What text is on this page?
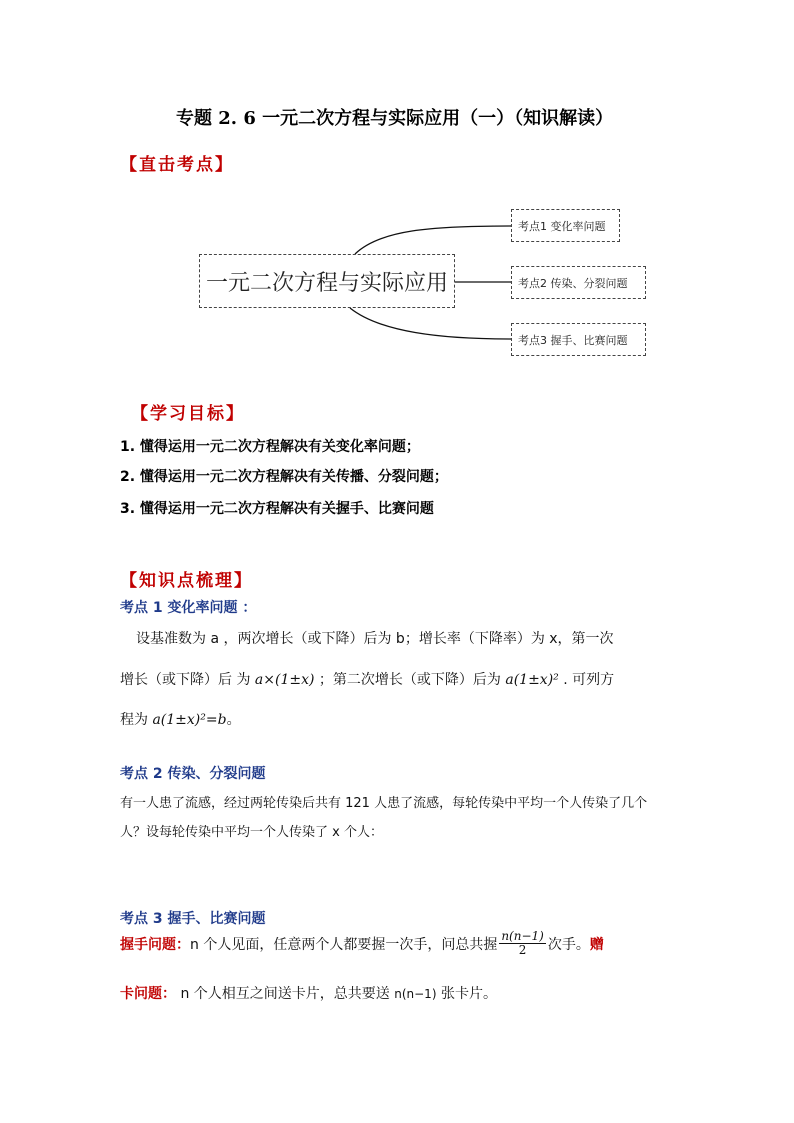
专题 2. 6 一元二次方程与实际应用（一）（知识解读）
【直击考点】
一元二次方程与实际应用
考点1 变化率问题
考点2 传染、分裂问题
考点3 握手、比赛问题
【学习目标】
1. 懂得运用一元二次方程解决有关变化率问题；
2. 懂得运用一元二次方程解决有关传播、分裂问题；
3. 懂得运用一元二次方程解决有关握手、比赛问题
【知识点梳理】
考点 1 变化率问题 ：
设基准数为 a ，两次增长（或下降）后为 b；增长率（下降率）为 x，第一次
增长（或下降）后 为 a×(1±x) ；第二次增长（或下降）后为 a(1±x)² . 可列方
程为 a(1±x)²=b。
考点 2 传染、分裂问题
有一人患了流感，经过两轮传染后共有 121 人患了流感，每轮传染中平均一个人传染了几个
人？设每轮传染中平均一个人传染了 x 个人：
考点 3 握手、比赛问题
握手问题： n 个人见面，任意两个人都要握一次手，问总共握 $\frac{n(n-1)}{2}$ 次手。 赠
卡问题： n 个人相互之间送卡片，总共要送 n(n−1) 张卡片。
